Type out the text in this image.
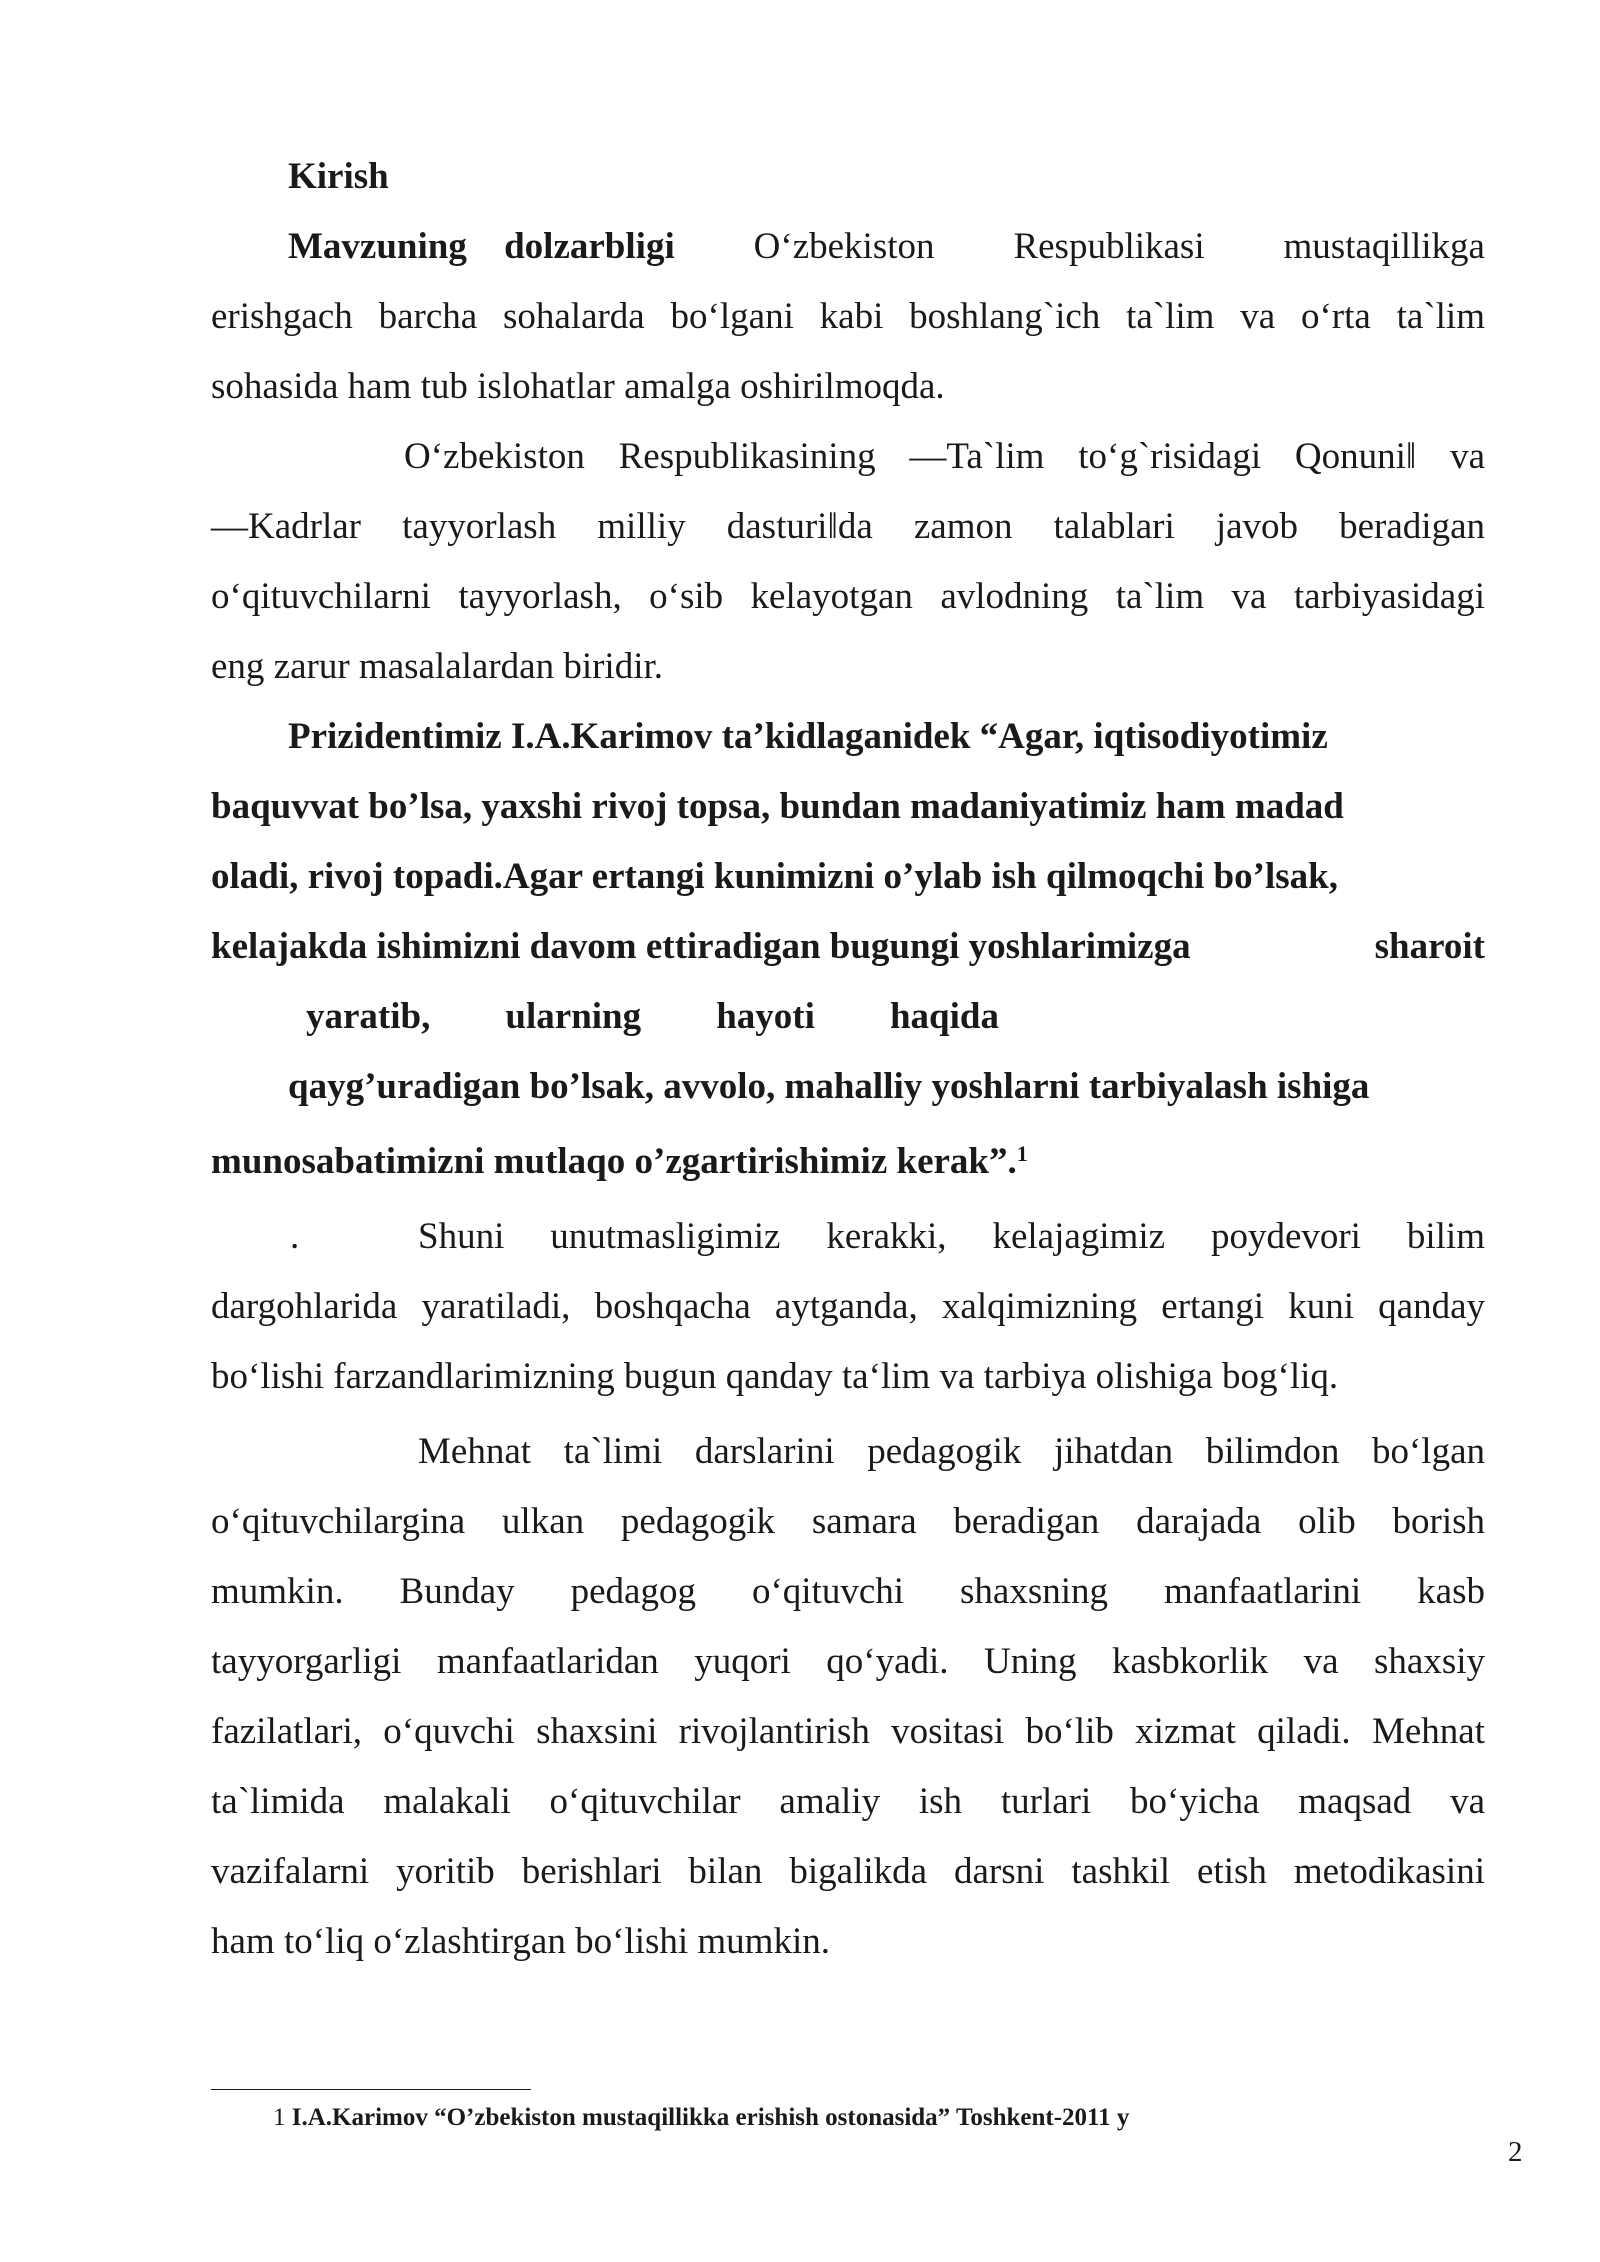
Kirish
Mavzuning dolzarbligi O‘zbekiston Respublikasi mustaqillikga
erishgach barcha sohalarda bo‘lgani kabi boshlang`ich ta`lim va o‘rta ta`lim
sohasida ham tub islohatlar amalga oshirilmoqda.
O‘zbekiston Respublikasining ―Ta`lim to‘g`risidagi Qonuni‖ va
―Kadrlar tayyorlash milliy dasturi‖da zamon talablari javob beradigan
o‘qituvchilarni tayyorlash, o‘sib kelayotgan avlodning ta`lim va tarbiyasidagi
eng zarur masalalardan biridir.
Prizidentimiz I.A.Karimov ta’kidlaganidek “Agar, iqtisodiyotimiz
baquvvat bo’lsa, yaxshi rivoj topsa, bundan madaniyatimiz ham madad
oladi, rivoj topadi.Agar ertangi kunimizni o’ylab ish qilmoqchi bo’lsak,
kelajakda ishimizni davom ettiradigan bugungi yoshlarimizga	sharoit
yaratib, ularning hayoti haqida
qayg’uradigan bo’lsak, avvolo, mahalliy yoshlarni tarbiyalash ishiga
munosabatimizni mutlaqo o’zgartirishimiz kerak”.$^1$
.	Shuni unutmasligimiz kerakki, kelajagimiz poydevori bilim
dargohlarida yaratiladi, boshqacha aytganda, xalqimizning ertangi kuni qanday
bo‘lishi farzandlarimizning bugun qanday ta‘lim va tarbiya olishiga bog‘liq.
Mehnat ta`limi darslarini pedagogik jihatdan bilimdon bo‘lgan
o‘qituvchilargina ulkan pedagogik samara beradigan darajada olib borish
mumkin. Bunday pedagog o‘qituvchi shaxsning manfaatlarini kasb
tayyorgarligi manfaatlaridan yuqori qo‘yadi. Uning kasbkorlik va shaxsiy
fazilatlari, o‘quvchi shaxsini rivojlantirish vositasi bo‘lib xizmat qiladi. Mehnat
ta`limida malakali o‘qituvchilar amaliy ish turlari bo‘yicha maqsad va
vazifalarni yoritib berishlari bilan bigalikda darsni tashkil etish metodikasini
ham to‘liq o‘zlashtirgan bo‘lishi mumkin.
1 I.A.Karimov “O’zbekiston mustaqillikka erishish ostonasida” Toshkent-2011 y
2
